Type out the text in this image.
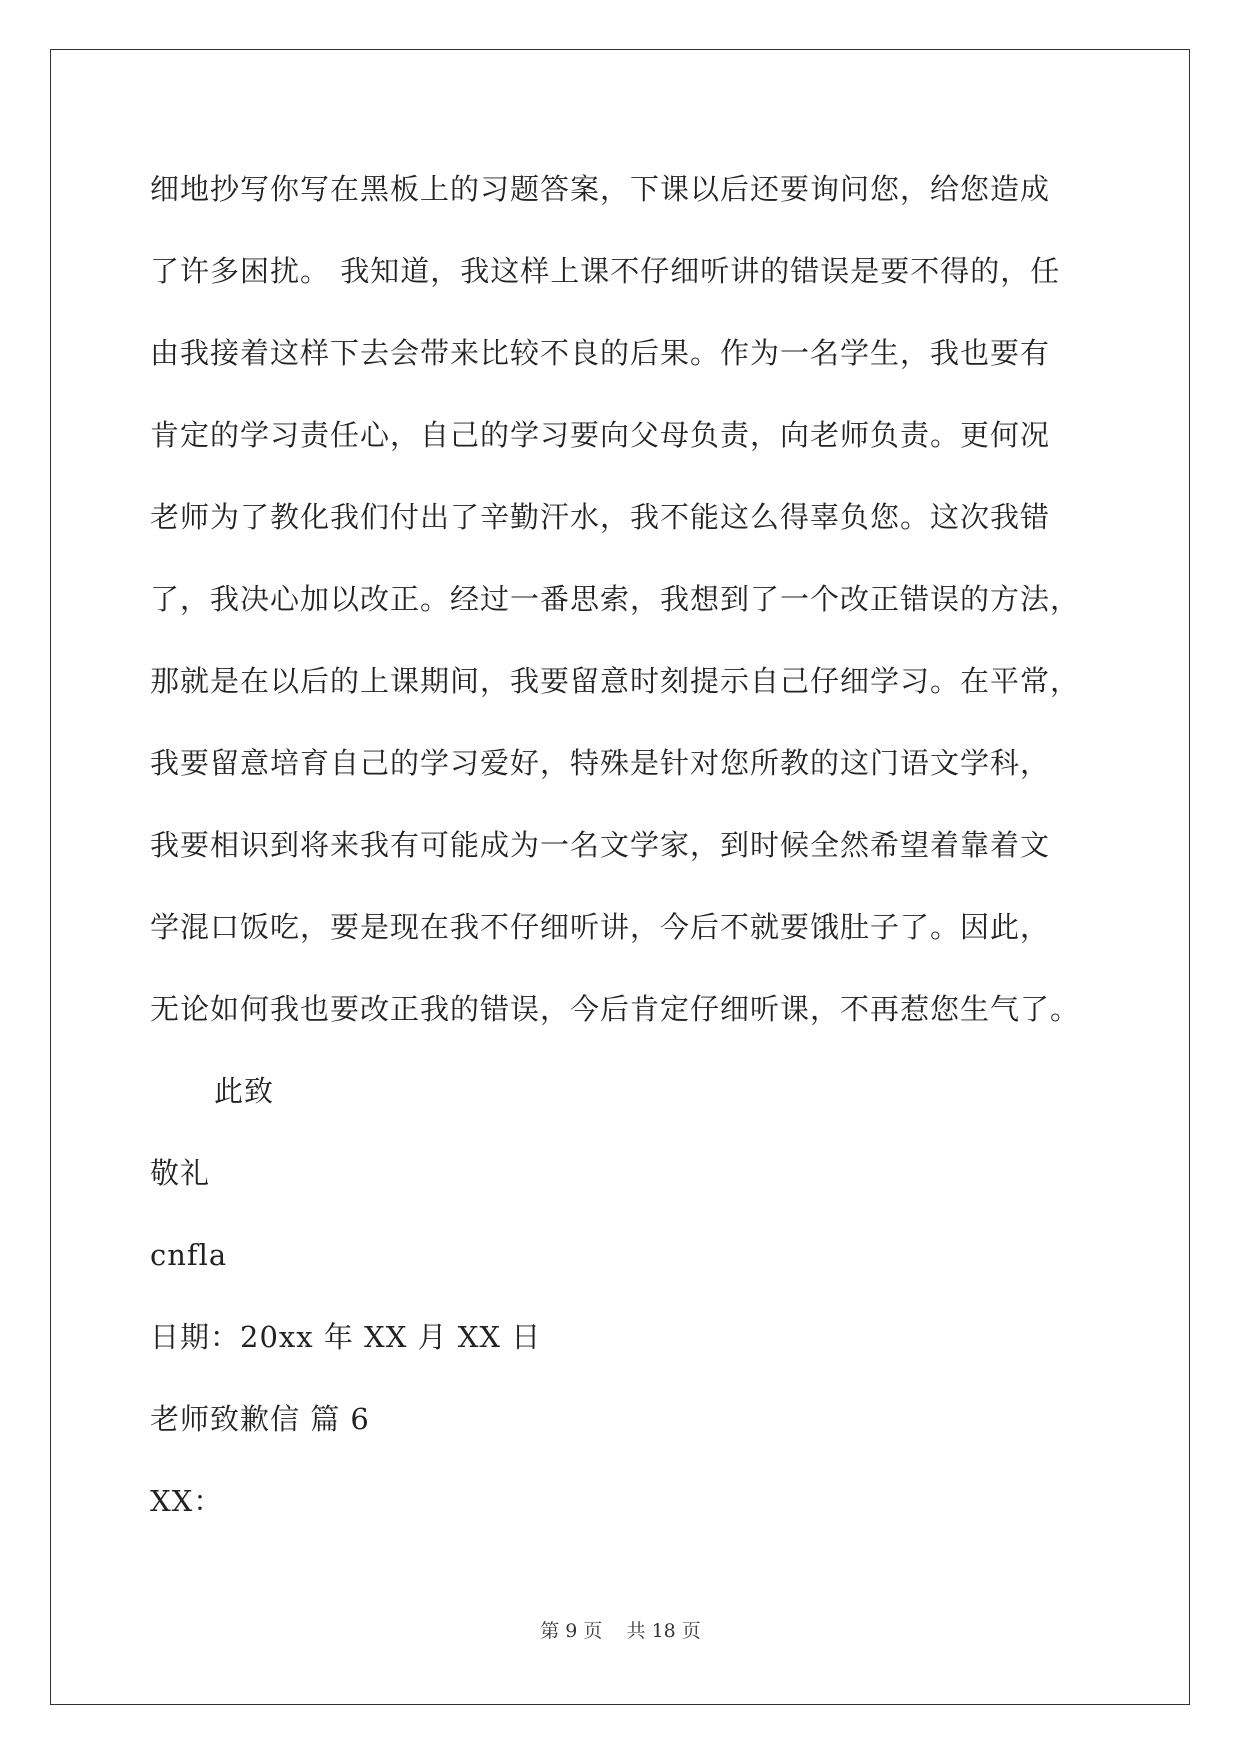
细地抄写你写在黑板上的习题答案，下课以后还要询问您，给您造成
了许多困扰。 我知道，我这样上课不仔细听讲的错误是要不得的，任
由我接着这样下去会带来比较不良的后果。作为一名学生，我也要有
肯定的学习责任心，自己的学习要向父母负责，向老师负责。更何况
老师为了教化我们付出了辛勤汗水，我不能这么得辜负您。这次我错
了，我决心加以改正。经过一番思索，我想到了一个改正错误的方法，
那就是在以后的上课期间，我要留意时刻提示自己仔细学习。在平常，
我要留意培育自己的学习爱好，特殊是针对您所教的这门语文学科，
我要相识到将来我有可能成为一名文学家，到时候全然希望着靠着文
学混口饭吃，要是现在我不仔细听讲，今后不就要饿肚子了。因此，
无论如何我也要改正我的错误，今后肯定仔细听课，不再惹您生气了。
此致
敬礼
cnfla
日期：20xx 年 XX 月 XX 日
老师致歉信 篇 6
XX：
第 9 页    共 18 页
